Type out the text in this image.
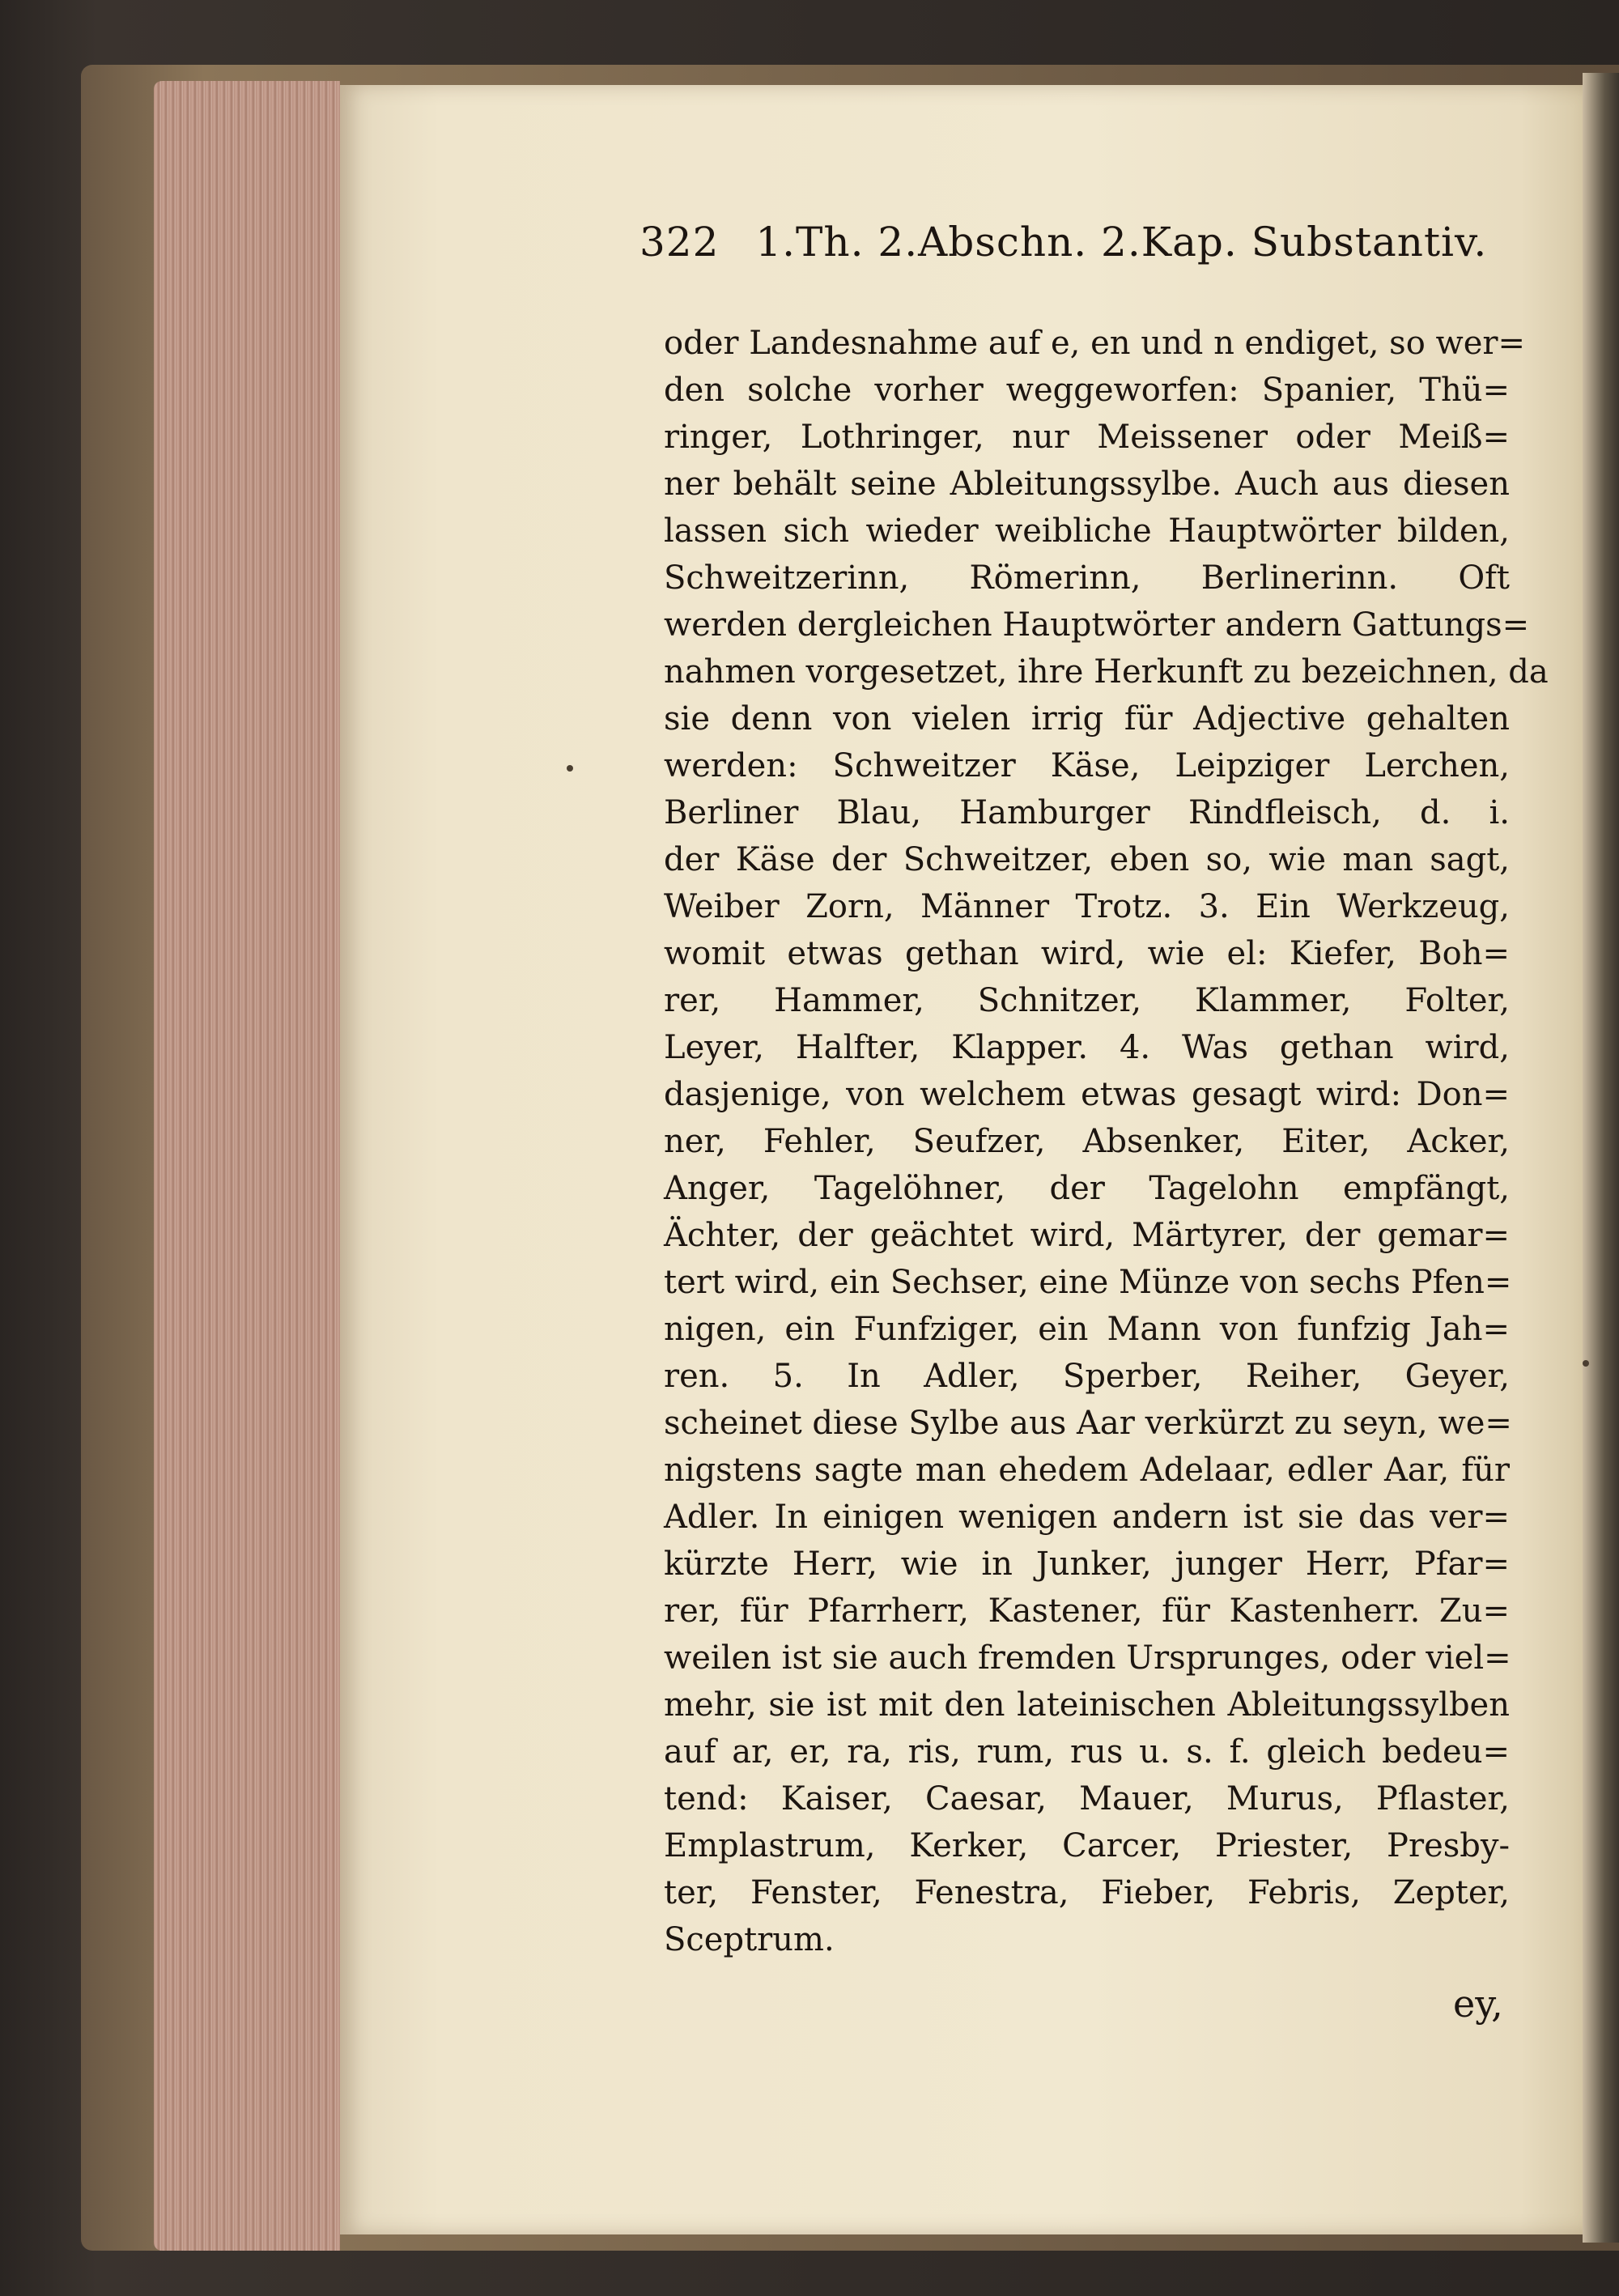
322 1.Th. 2.Abschn. 2.Kap. Substantiv.
oder Landesnahme auf e, en und n endiget, so wer=
den solche vorher weggeworfen: Spanier, Thü=
ringer, Lothringer, nur Meissener oder Meiß=
ner behält seine Ableitungssylbe. Auch aus diesen
lassen sich wieder weibliche Hauptwörter bilden,
Schweitzerinn, Römerinn, Berlinerinn. Oft
werden dergleichen Hauptwörter andern Gattungs=
nahmen vorgesetzet, ihre Herkunft zu bezeichnen, da
sie denn von vielen irrig für Adjective gehalten
werden: Schweitzer Käse, Leipziger Lerchen,
Berliner Blau, Hamburger Rindfleisch, d. i.
der Käse der Schweitzer, eben so, wie man sagt,
Weiber Zorn, Männer Trotz. 3. Ein Werkzeug,
womit etwas gethan wird, wie el: Kiefer, Boh=
rer, Hammer, Schnitzer, Klammer, Folter,
Leyer, Halfter, Klapper. 4. Was gethan wird,
dasjenige, von welchem etwas gesagt wird: Don=
ner, Fehler, Seufzer, Absenker, Eiter, Acker,
Anger, Tagelöhner, der Tagelohn empfängt,
Ächter, der geächtet wird, Märtyrer, der gemar=
tert wird, ein Sechser, eine Münze von sechs Pfen=
nigen, ein Funfziger, ein Mann von funfzig Jah=
ren. 5. In Adler, Sperber, Reiher, Geyer,
scheinet diese Sylbe aus Aar verkürzt zu seyn, we=
nigstens sagte man ehedem Adelaar, edler Aar, für
Adler. In einigen wenigen andern ist sie das ver=
kürzte Herr, wie in Junker, junger Herr, Pfar=
rer, für Pfarrherr, Kastener, für Kastenherr. Zu=
weilen ist sie auch fremden Ursprunges, oder viel=
mehr, sie ist mit den lateinischen Ableitungssylben
auf ar, er, ra, ris, rum, rus u. s. f. gleich bedeu=
tend: Kaiser, Caesar, Mauer, Murus, Pflaster,
Emplastrum, Kerker, Carcer, Priester, Presby-
ter, Fenster, Fenestra, Fieber, Febris, Zepter,
Sceptrum.
ey,
